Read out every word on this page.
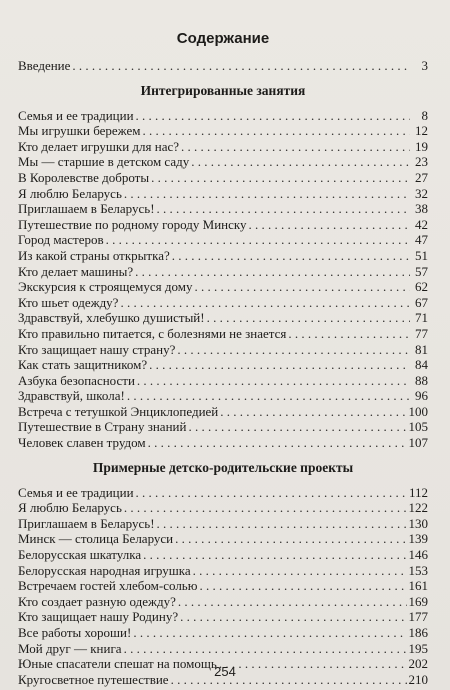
Содержание
Введение . . .	3
Интегрированные занятия
Семья и ее традиции . . .	8
Мы игрушки бережем . . .	12
Кто делает игрушки для нас? . . .	19
Мы — старшие в детском саду . . .	23
В Королевстве доброты . . .	27
Я люблю Беларусь . . .	32
Приглашаем в Беларусь! . . .	38
Путешествие по родному городу Минску . . .	42
Город мастеров . . .	47
Из какой страны открытка? . . .	51
Кто делает машины? . . .	57
Экскурсия к строящемуся дому . . .	62
Кто шьет одежду? . . .	67
Здравствуй, хлебушко душистый! . . .	71
Кто правильно питается, с болезнями не знается . . .	77
Кто защищает нашу страну? . . .	81
Как стать защитником? . . .	84
Азбука безопасности . . .	88
Здравствуй, школа! . . .	96
Встреча с тетушкой Энциклопедией . . .	100
Путешествие в Страну знаний . . .	105
Человек славен трудом . . .	107
Примерные детско-родительские проекты
Семья и ее традиции . . .	112
Я люблю Беларусь . . .	122
Приглашаем в Беларусь! . . .	130
Минск — столица Беларуси . . .	139
Белорусская шкатулка . . .	146
Белорусская народная игрушка . . .	153
Встречаем гостей хлебом-солью . . .	161
Кто создает разную одежду? . . .	169
Кто защищает нашу Родину? . . .	177
Все работы хороши! . . .	186
Мой друг — книга . . .	195
Юные спасатели спешат на помощь . . .	202
Кругосветное путешествие . . .	210
254
